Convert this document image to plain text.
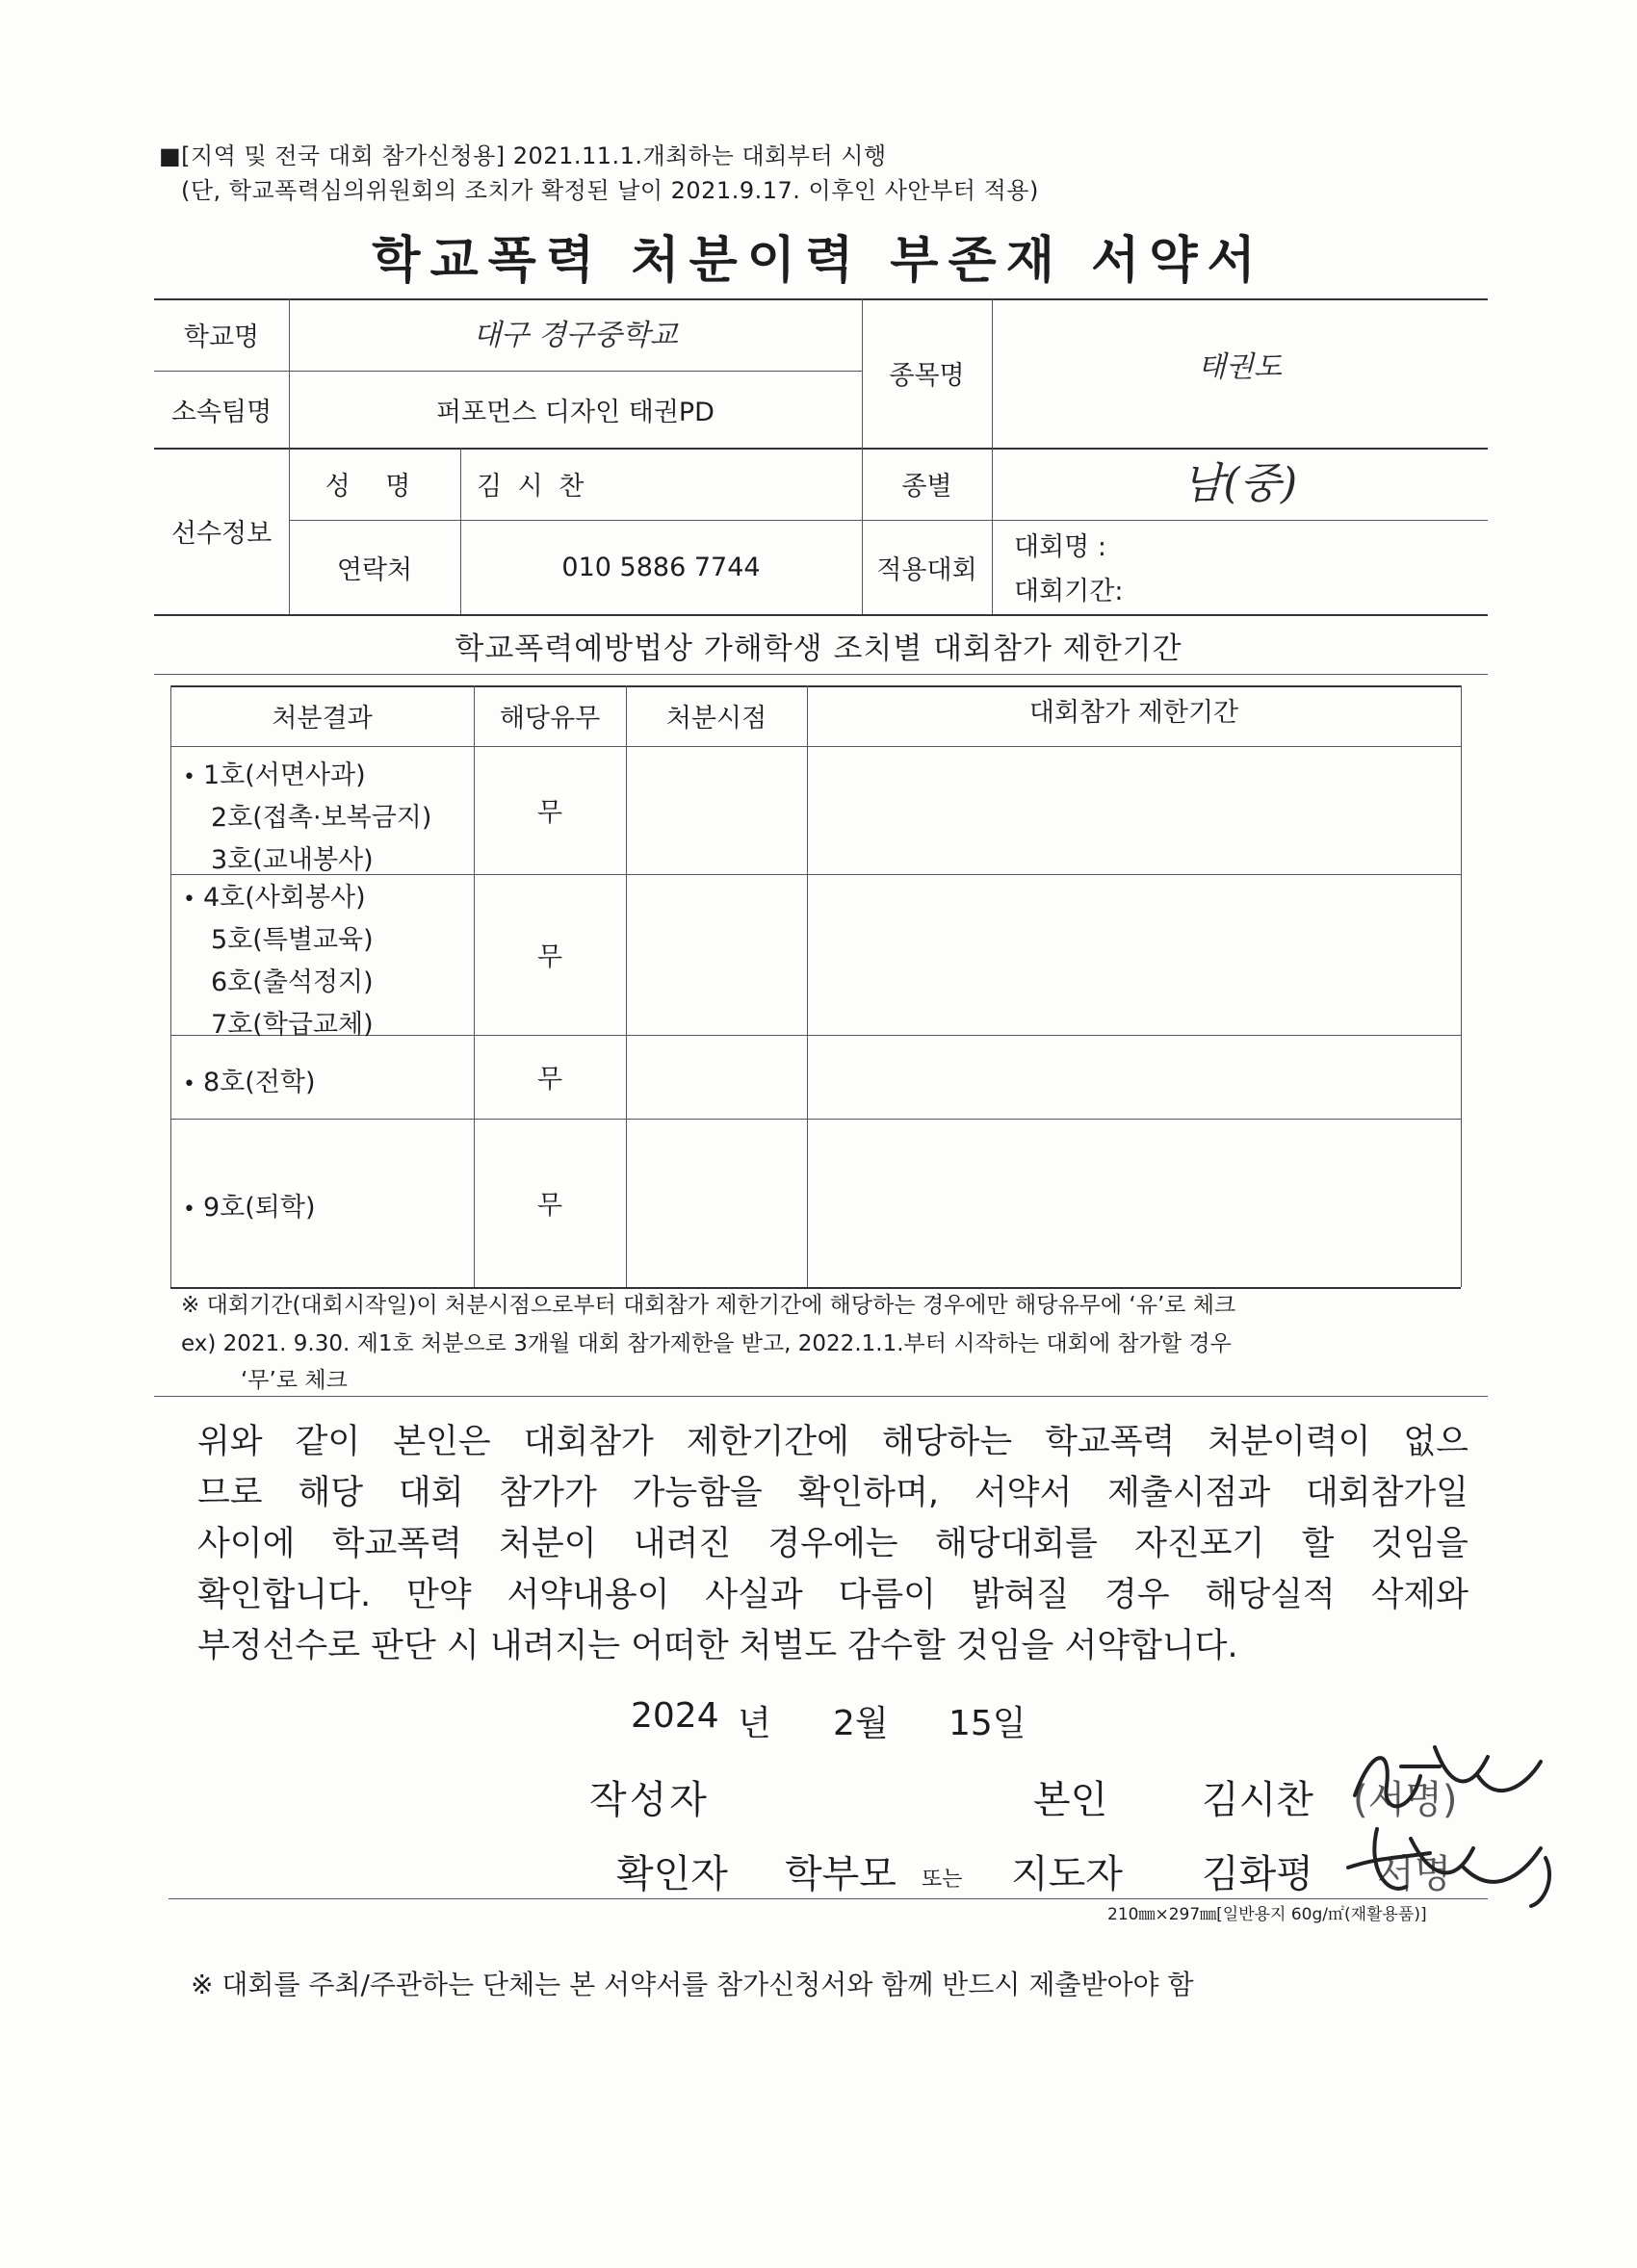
■[지역 및 전국 대회 참가신청용] 2021.11.1.개최하는 대회부터 시행
(단, 학교폭력심의위원회의 조치가 확정된 날이 2021.9.17. 이후인 사안부터 적용)
학교폭력 처분이력 부존재 서약서
학교명	대구 경구중학교
소속팀명	퍼포먼스 디자인 태권PD
종목명	태권도
선수정보
성 명	김 시 찬	종별	남(중)
연락처	010 5886 7744	적용대회
대회명 :
대회기간:
학교폭력예방법상 가해학생 조치별 대회참가 제한기간
처분결과	해당유무	처분시점	대회참가 제한기간
• 1호(서면사과)
2호(접촉·보복금지)
3호(교내봉사)
무
• 4호(사회봉사)
5호(특별교육)
6호(출석정지)
7호(학급교체)
무
• 8호(전학)	무
• 9호(퇴학)	무
※ 대회기간(대회시작일)이 처분시점으로부터 대회참가 제한기간에 해당하는 경우에만 해당유무에 ‘유’로 체크
ex) 2021. 9.30. 제1호 처분으로 3개월 대회 참가제한을 받고, 2022.1.1.부터 시작하는 대회에 참가할 경우
‘무’로 체크
위와 같이 본인은 대회참가 제한기간에 해당하는 학교폭력 처분이력이 없으
므로 해당 대회 참가가 가능함을 확인하며, 서약서 제출시점과 대회참가일
사이에 학교폭력 처분이 내려진 경우에는 해당대회를 자진포기 할 것임을
확인합니다. 만약 서약내용이 사실과 다름이 밝혀질 경우 해당실적 삭제와
부정선수로 판단 시 내려지는 어떠한 처벌도 감수할 것임을 서약합니다.
2024 년 2월 15일
작성자	본인 김시찬 (서명)
확인자 학부모 또는 지도자 김화평 서명
210㎜×297㎜[일반용지 60g/㎡(재활용품)]
※ 대회를 주최/주관하는 단체는 본 서약서를 참가신청서와 함께 반드시 제출받아야 함
